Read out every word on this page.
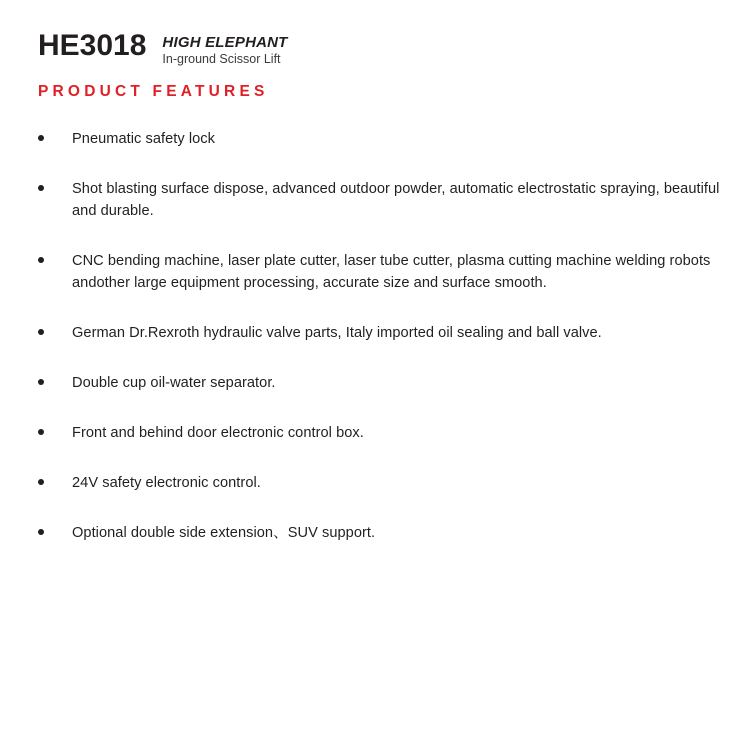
HE3018 HIGH ELEPHANT
In-ground Scissor Lift
PRODUCT FEATURES
Pneumatic safety lock
Shot blasting surface dispose, advanced outdoor powder, automatic electrostatic spraying, beautiful and durable.
CNC bending machine, laser plate cutter, laser tube cutter, plasma cutting machine welding robots andother large equipment processing, accurate size and surface smooth.
German Dr.Rexroth hydraulic valve parts, Italy imported oil sealing and ball valve.
Double cup oil-water separator.
Front and behind door electronic control box.
24V safety electronic control.
Optional double side extension、SUV support.
